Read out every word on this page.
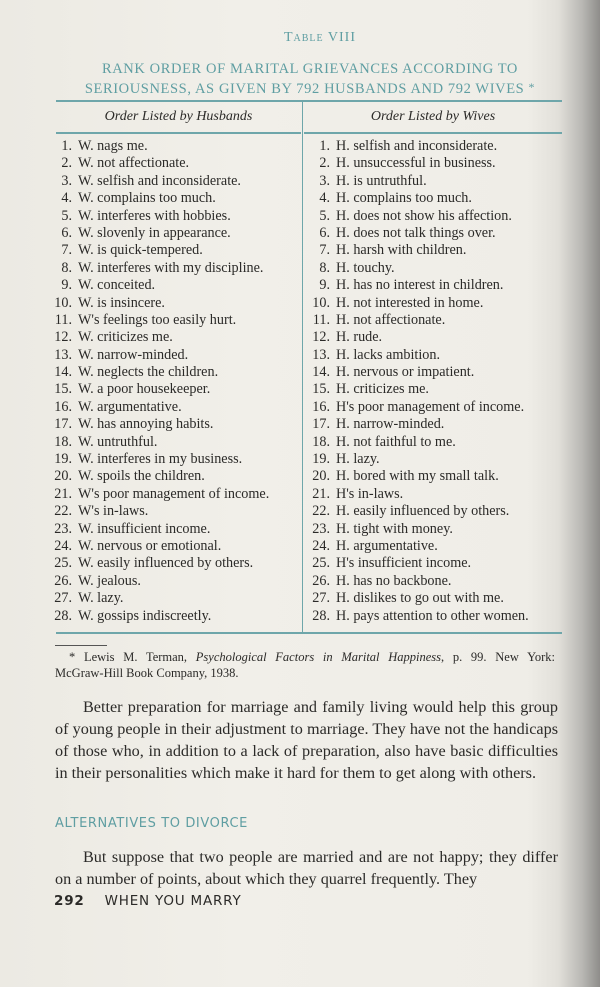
Table VIII
RANK ORDER OF MARITAL GRIEVANCES ACCORDING TO SERIOUSNESS, AS GIVEN BY 792 HUSBANDS AND 792 WIVES *
Order Listed by Husbands	Order Listed by Wives
1. W. nags me.
2. W. not affectionate.
3. W. selfish and inconsiderate.
4. W. complains too much.
5. W. interferes with hobbies.
6. W. slovenly in appearance.
7. W. is quick-tempered.
8. W. interferes with my discipline.
9. W. conceited.
10. W. is insincere.
11. W's feelings too easily hurt.
12. W. criticizes me.
13. W. narrow-minded.
14. W. neglects the children.
15. W. a poor housekeeper.
16. W. argumentative.
17. W. has annoying habits.
18. W. untruthful.
19. W. interferes in my business.
20. W. spoils the children.
21. W's poor management of income.
22. W's in-laws.
23. W. insufficient income.
24. W. nervous or emotional.
25. W. easily influenced by others.
26. W. jealous.
27. W. lazy.
28. W. gossips indiscreetly.
1. H. selfish and inconsiderate.
2. H. unsuccessful in business.
3. H. is untruthful.
4. H. complains too much.
5. H. does not show his affection.
6. H. does not talk things over.
7. H. harsh with children.
8. H. touchy.
9. H. has no interest in children.
10. H. not interested in home.
11. H. not affectionate.
12. H. rude.
13. H. lacks ambition.
14. H. nervous or impatient.
15. H. criticizes me.
16. H's poor management of income.
17. H. narrow-minded.
18. H. not faithful to me.
19. H. lazy.
20. H. bored with my small talk.
21. H's in-laws.
22. H. easily influenced by others.
23. H. tight with money.
24. H. argumentative.
25. H's insufficient income.
26. H. has no backbone.
27. H. dislikes to go out with me.
28. H. pays attention to other women.
* Lewis M. Terman, Psychological Factors in Marital Happiness, p. 99. New York:
McGraw-Hill Book Company, 1938.

Better preparation for marriage and family living would help this group of young people in their adjustment to marriage. They have not the handicaps of those who, in addition to a lack of preparation, also have basic difficulties in their personalities which make it hard for them to get along with others.

ALTERNATIVES TO DIVORCE

But suppose that two people are married and are not happy; they differ on a number of points, about which they quarrel frequently. They

292 WHEN YOU MARRY
